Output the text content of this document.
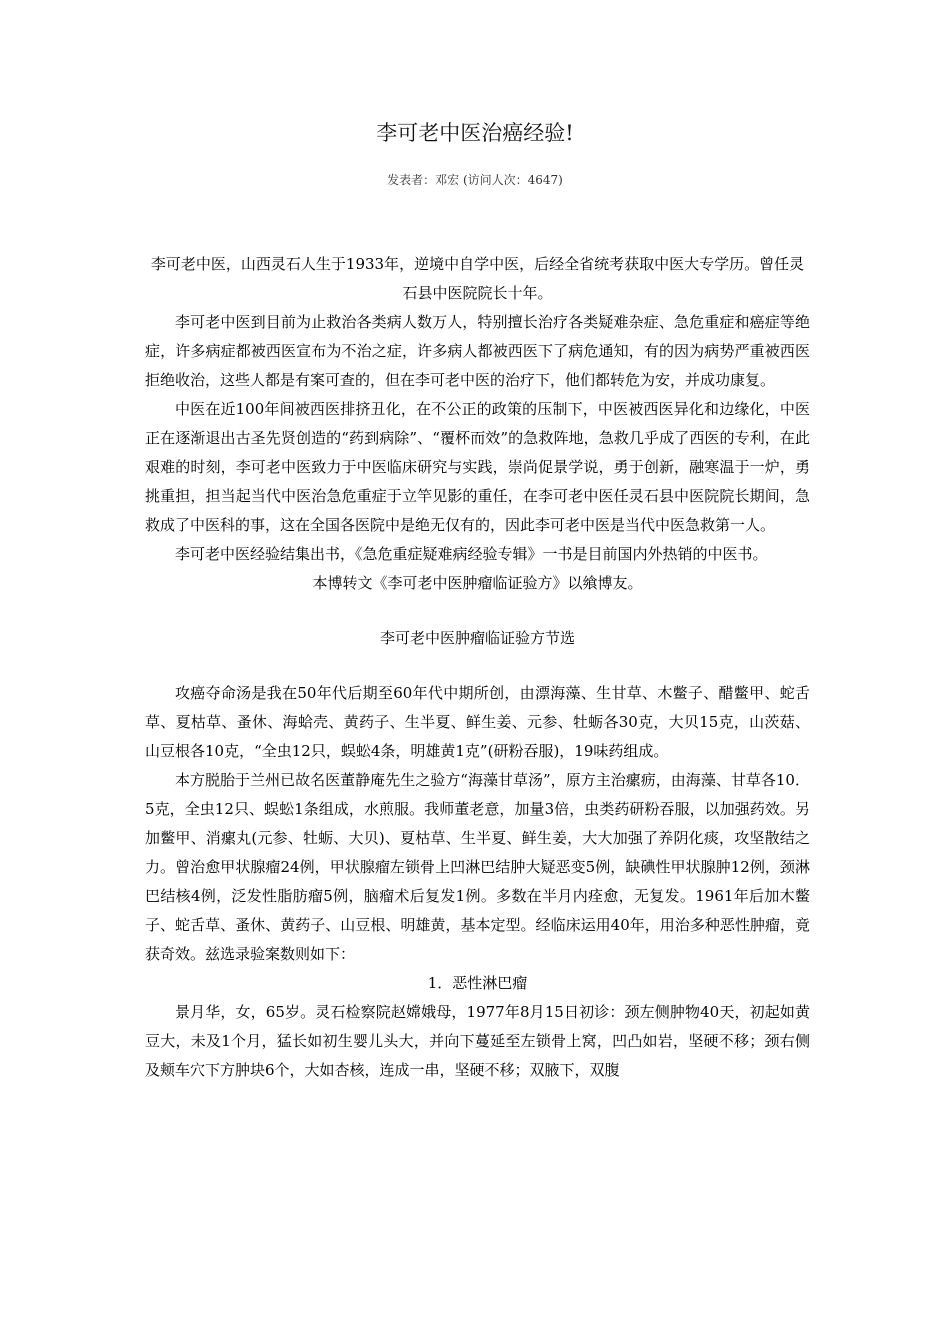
李可老中医治癌经验!
发表者：邓宏 (访问人次：4647)

李可老中医，山西灵石人生于1933年，逆境中自学中医，后经全省统考获取中医大专学历。曾任灵石县中医院院长十年。

李可老中医到目前为止救治各类病人数万人，特别擅长治疗各类疑难杂症、急危重症和癌症等绝症，许多病症都被西医宣布为不治之症，许多病人都被西医下了病危通知，有的因为病势严重被西医拒绝收治，这些人都是有案可查的，但在李可老中医的治疗下，他们都转危为安，并成功康复。

中医在近100年间被西医排挤丑化，在不公正的政策的压制下，中医被西医异化和边缘化，中医正在逐渐退出古圣先贤创造的“药到病除”、“覆杯而效”的急救阵地，急救几乎成了西医的专利，在此艰难的时刻，李可老中医致力于中医临床研究与实践，崇尚促景学说，勇于创新，融寒温于一炉，勇挑重担，担当起当代中医治急危重症于立竿见影的重任，在李可老中医任灵石县中医院院长期间，急救成了中医科的事，这在全国各医院中是绝无仅有的，因此李可老中医是当代中医急救第一人。

李可老中医经验结集出书，《急危重症疑难病经验专辑》一书是目前国内外热销的中医书。

本博转文《李可老中医肿瘤临证验方》以飨博友。

李可老中医肿瘤临证验方节选

攻癌夺命汤是我在50年代后期至60年代中期所创，由漂海藻、生甘草、木鳖子、醋鳖甲、蛇舌草、夏枯草、蚤休、海蛤壳、黄药子、生半夏、鲜生姜、元参、牡蛎各30克，大贝15克，山茨菇、山豆根各10克，“全虫12只，蜈蚣4条，明雄黄1克”(研粉吞服)，19味药组成。

本方脱胎于兰州已故名医董静庵先生之验方“海藻甘草汤”，原方主治瘰疬，由海藻、甘草各10．5克，全虫12只、蜈蚣1条组成，水煎服。我师董老意，加量3倍，虫类药研粉吞服，以加强药效。另加鳖甲、消瘰丸(元参、牡蛎、大贝)、夏枯草、生半夏、鲜生姜，大大加强了养阴化痰，攻坚散结之力。曾治愈甲状腺瘤24例，甲状腺瘤左锁骨上凹淋巴结肿大疑恶变5例，缺碘性甲状腺肿12例，颈淋巴结核4例，泛发性脂肪瘤5例，脑瘤术后复发1例。多数在半月内痊愈，无复发。1961年后加木鳖子、蛇舌草、蚤休、黄药子、山豆根、明雄黄，基本定型。经临床运用40年，用治多种恶性肿瘤，竟获奇效。兹选录验案数则如下：

1．恶性淋巴瘤

景月华，女，65岁。灵石检察院赵嫦娥母，1977年8月15日初诊：颈左侧肿物40天，初起如黄豆大，未及1个月，猛长如初生婴儿头大，并向下蔓延至左锁骨上窝，凹凸如岩，坚硬不移；颈右侧及颊车穴下方肿块6个，大如杏核，连成一串，坚硬不移；双腋下，双腹
